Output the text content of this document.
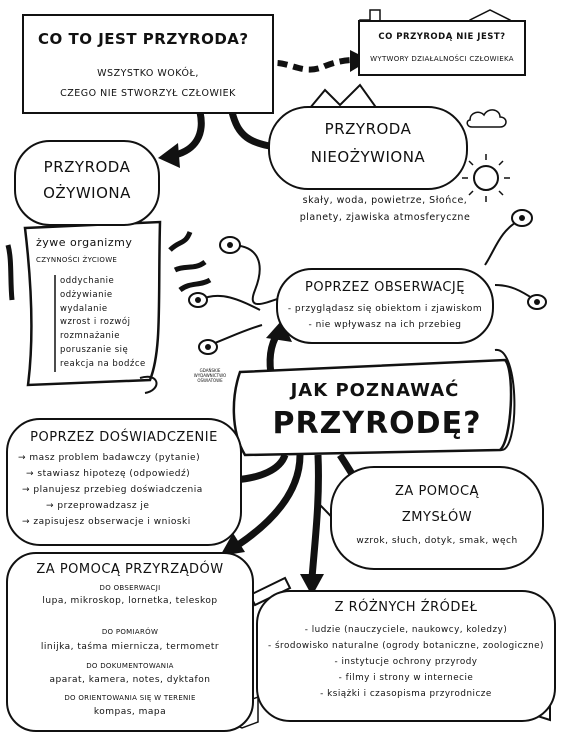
CO TO JEST PRZYRODA?
WSZYSTKO WOKÓŁ,
CZEGO NIE STWORZYŁ CZŁOWIEK
CO PRZYRODĄ NIE JEST?
WYTWORY DZIAŁALNOŚCI CZŁOWIEKA
PRZYRODA
OŻYWIONA
żywe organizmy
CZYNNOŚCI ŻYCIOWE
oddychanie
odżywianie
wydalanie
wzrost i rozwój
rozmnażanie
poruszanie się
reakcja na bodźce
PRZYRODA
NIEOŻYWIONA
skały, woda, powietrze, Słońce,
planety, zjawiska atmosferyczne
POPRZEZ OBSERWACJĘ
- przyglądasz się obiektom i zjawiskom
- nie wpływasz na ich przebieg
JAK POZNAWAĆ
PRZYRODĘ?
GDAŃSKIE
WYDAWNICTWO
OŚWIATOWE
POPRZEZ DOŚWIADCZENIE
→ masz problem badawczy (pytanie)
→ stawiasz hipotezę (odpowiedź)
→ planujesz przebieg doświadczenia
→ przeprowadzasz je
→ zapisujesz obserwacje i wnioski
ZA POMOCĄ
ZMYSŁÓW
wzrok, słuch, dotyk, smak, węch
ZA POMOCĄ PRZYRZĄDÓW
DO OBSERWACJI
lupa, mikroskop, lornetka, teleskop
DO POMIARÓW
linijka, taśma miernicza, termometr
DO DOKUMENTOWANIA
aparat, kamera, notes, dyktafon
DO ORIENTOWANIA SIĘ W TERENIE
kompas, mapa
Z RÓŻNYCH ŹRÓDEŁ
- ludzie (nauczyciele, naukowcy, koledzy)
- środowisko naturalne (ogrody botaniczne, zoologiczne)
- instytucje ochrony przyrody
- filmy i strony w internecie
- książki i czasopisma przyrodnicze
